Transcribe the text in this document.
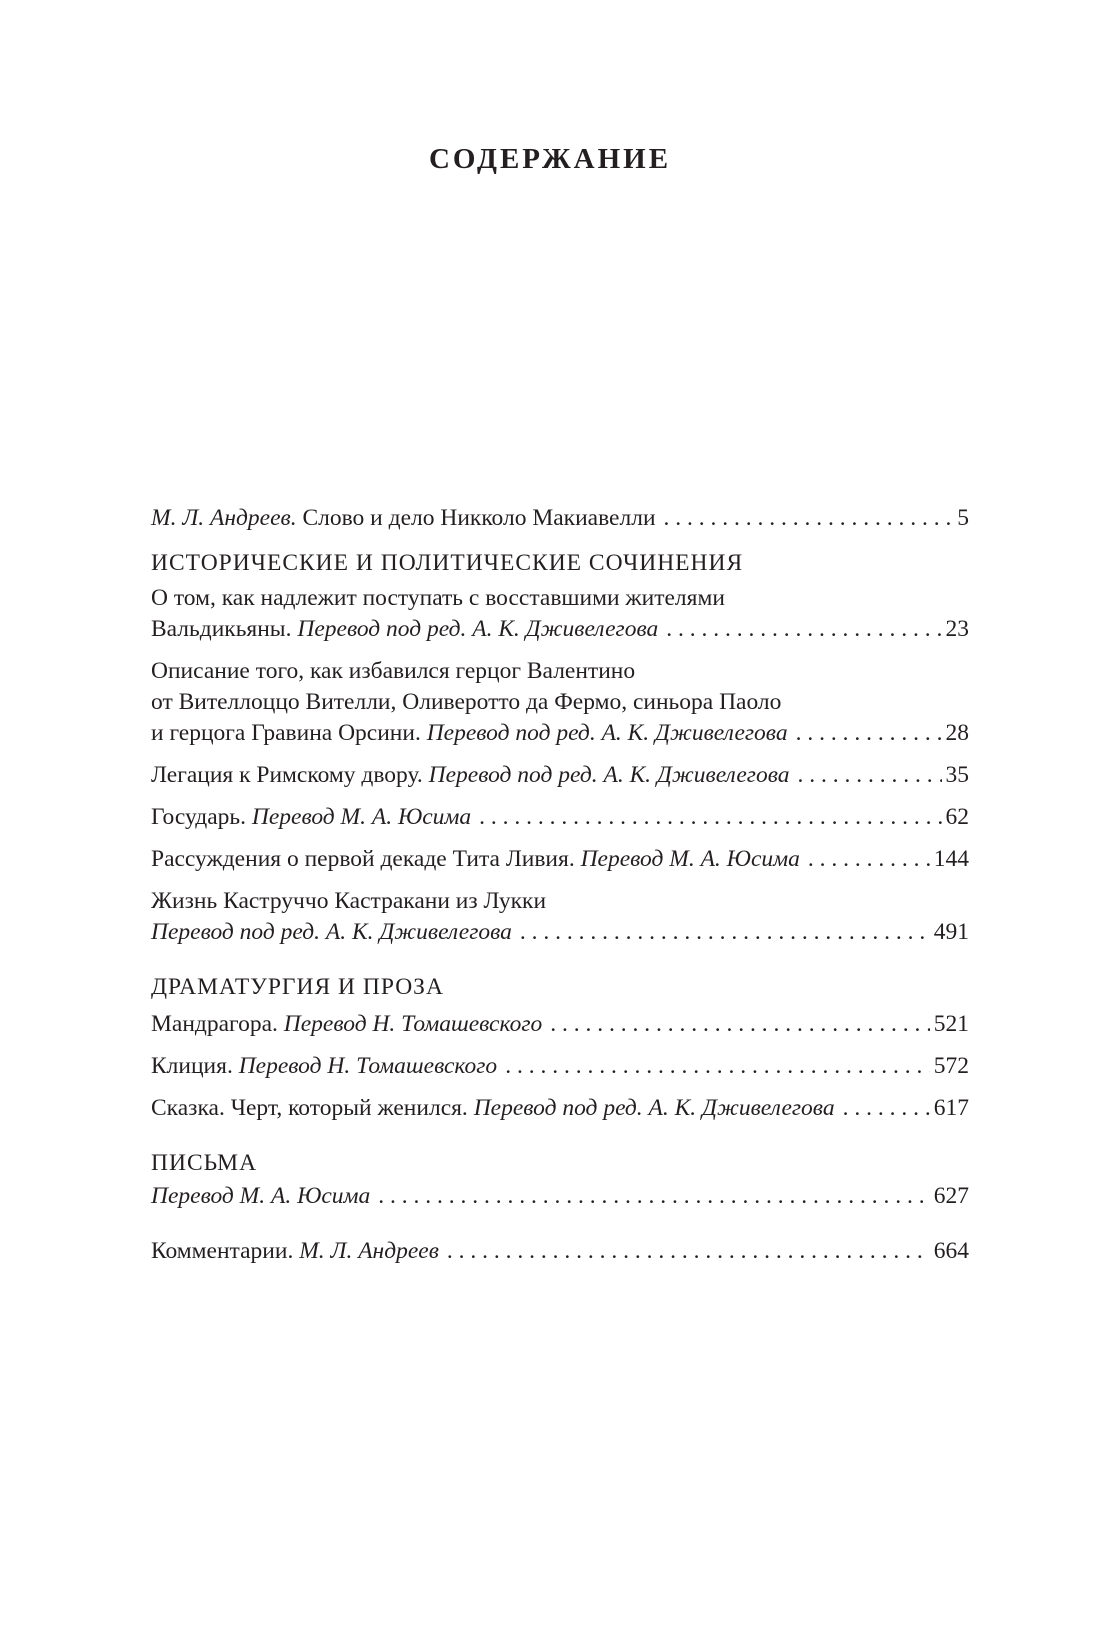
СОДЕРЖАНИЕ
М. Л. Андреев. Слово и дело Никколо Макиавелли . . .	5
ИСТОРИЧЕСКИЕ И ПОЛИТИЧЕСКИЕ СОЧИНЕНИЯ
О том, как надлежит поступать с восставшими жителями
Вальдикьяны. Перевод под ред. А. К. Дживелегова . . .	23
Описание того, как избавился герцог Валентино
от Вителлоццо Вителли, Оливеротто да Фермо, синьора Паоло
и герцога Гравина Орсини. Перевод под ред. А. К. Дживелегова . . .	28
Легация к Римскому двору. Перевод под ред. А. К. Дживелегова . . .	35
Государь. Перевод М. А. Юсима . . .	62
Рассуждения о первой декаде Тита Ливия. Перевод М. А. Юсима . . .	144
Жизнь Каструччо Кастракани из Лукки
Перевод под ред. А. К. Дживелегова . . .	491
ДРАМАТУРГИЯ И ПРОЗА
Мандрагора. Перевод Н. Томашевского . . .	521
Клиция. Перевод Н. Томашевского . . .	572
Сказка. Черт, который женился. Перевод под ред. А. К. Дживелегова . . .	617
ПИСЬМА
Перевод М. А. Юсима . . .	627
Комментарии. М. Л. Андреев . . .	664
